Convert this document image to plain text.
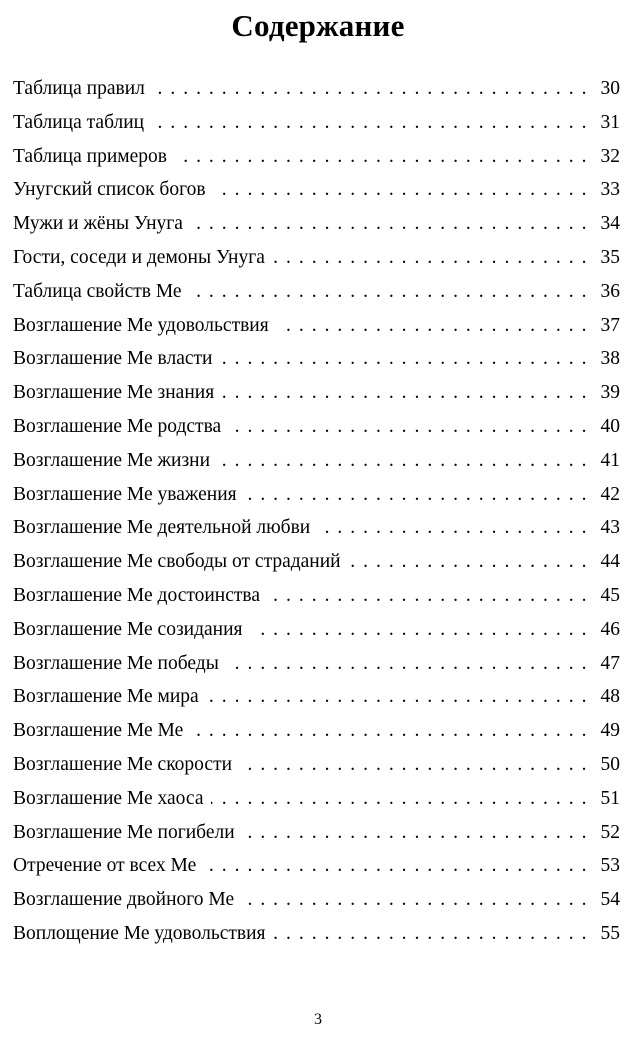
Содержание
Таблица правил . . .	30
Таблица таблиц . . .	31
Таблица примеров . . .	32
Унугский список богов . . .	33
Мужи и жёны Унуга . . .	34
Гости, соседи и демоны Унуга . . .	35
Таблица свойств Ме . . .	36
Возглашение Ме удовольствия . . .	37
Возглашение Ме власти . . .	38
Возглашение Ме знания . . .	39
Возглашение Ме родства . . .	40
Возглашение Ме жизни . . .	41
Возглашение Ме уважения . . .	42
Возглашение Ме деятельной любви . . .	43
Возглашение Ме свободы от страданий . . .	44
Возглашение Ме достоинства . . .	45
Возглашение Ме созидания . . .	46
Возглашение Ме победы . . .	47
Возглашение Ме мира . . .	48
Возглашение Ме Ме . . .	49
Возглашение Ме скорости . . .	50
Возглашение Ме хаоса . . .	51
Возглашение Ме погибели . . .	52
Отречение от всех Ме . . .	53
Возглашение двойного Ме . . .	54
Воплощение Ме удовольствия . . .	55
3
